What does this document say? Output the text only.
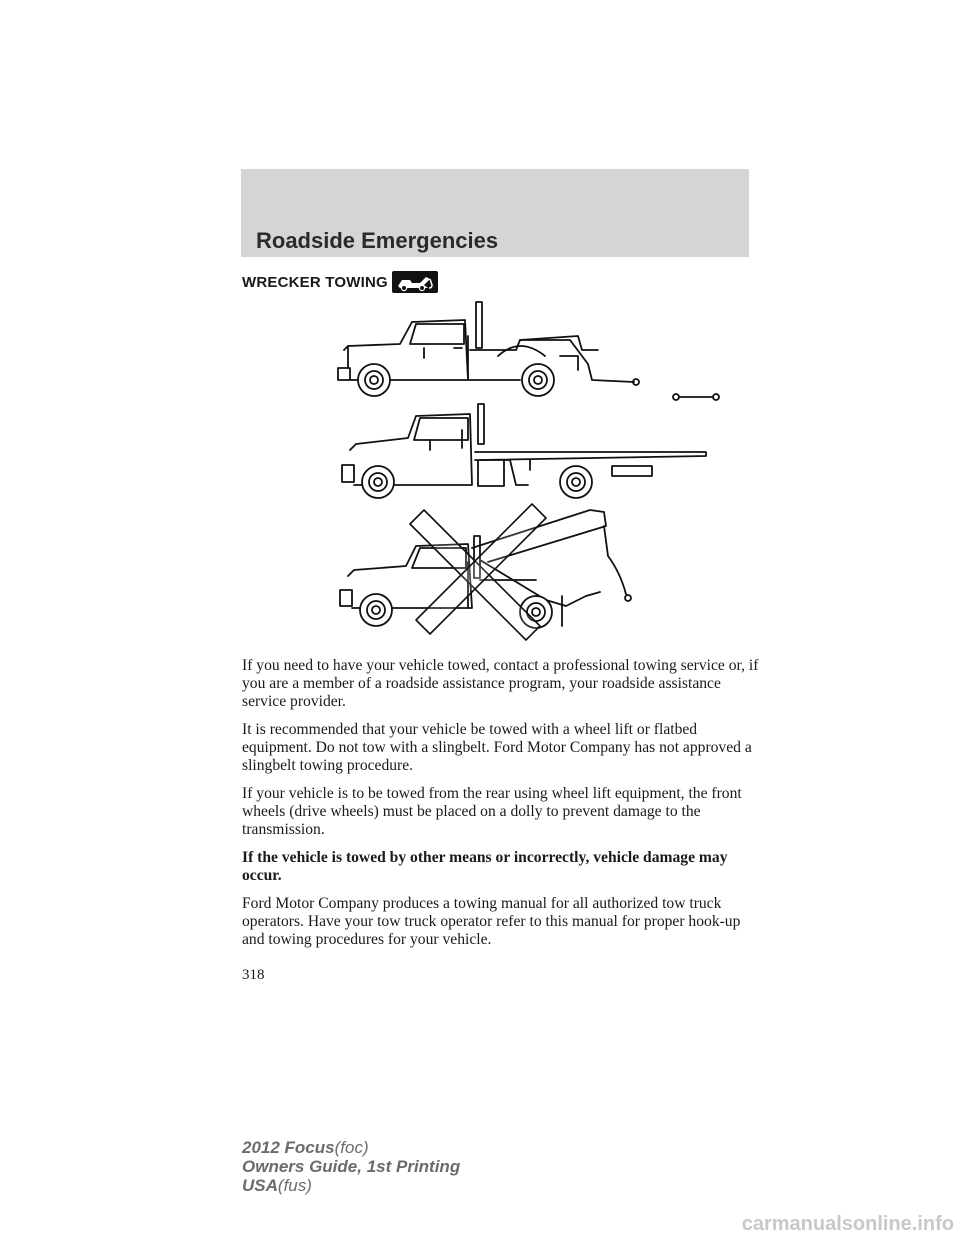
Roadside Emergencies
WRECKER TOWING

If you need to have your vehicle towed, contact a professional towing service or, if you are a member of a roadside assistance program, your roadside assistance service provider.

It is recommended that your vehicle be towed with a wheel lift or flatbed equipment. Do not tow with a slingbelt. Ford Motor Company has not approved a slingbelt towing procedure.

If your vehicle is to be towed from the rear using wheel lift equipment, the front wheels (drive wheels) must be placed on a dolly to prevent damage to the transmission.

If the vehicle is towed by other means or incorrectly, vehicle damage may occur.

Ford Motor Company produces a towing manual for all authorized tow truck operators. Have your tow truck operator refer to this manual for proper hook-up and towing procedures for your vehicle.

318
2012 Focus(foc)
Owners Guide, 1st Printing
USA(fus)
carmanualsonline.info
